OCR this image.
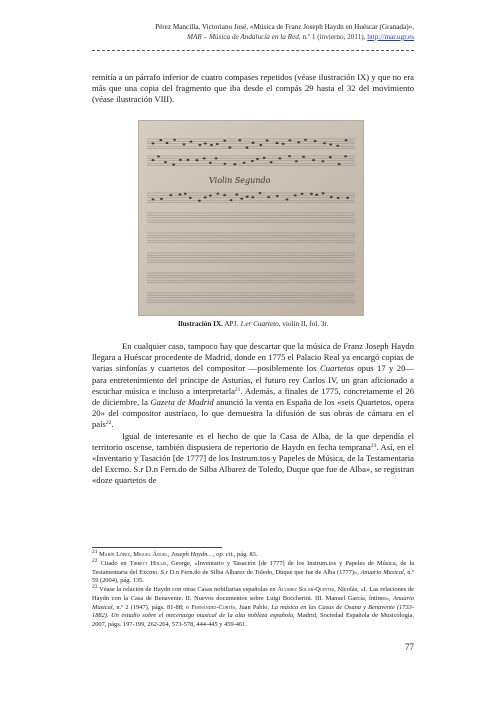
Pérez Mancilla, Victoriano José, «Música de Franz Joseph Haydn en Huéscar (Granada)»,
MAR – Música de Andalucía en la Red, n.º 1 (invierno, 2011), http://mar.ugr.es

remitía a un párrafo inferior de cuatro compases repetidos (véase ilustración IX) y que no era más que una copia del fragmento que iba desde el compás 29 hasta el 32 del movimiento (véase ilustración VIII).

Violin Segundo
Ilustración IX. APJ. 1.er Cuarteto, violín II, fol. 3r.

En cualquier caso, tampoco hay que descartar que la música de Franz Joseph Haydn llegara a Huéscar procedente de Madrid, donde en 1775 el Palacio Real ya encargó copias de varias sinfonías y cuartetos del compositor —posiblemente los Cuartetos opus 17 y 20— para entretenimiento del príncipe de Asturias, el futuro rey Carlos IV, un gran aficionado a escuchar música e incluso a interpretarla$^{21}$. Además, a finales de 1775, concretamente el 26 de diciembre, la Gazeta de Madrid anunció la venta en España de los «seis Quartetos, opera 20» del compositor austríaco, lo que demuestra la difusión de sus obras de cámara en el país$^{22}$.

Igual de interesante es el hecho de que la Casa de Alba, de la que dependía el territorio oscense, también dispusiera de repertorio de Haydn en fecha temprana$^{23}$. Así, en el «Inventario y Tasación [de 1777] de los Instrum.tos y Papeles de Música, de la Testamentaria del Excmo. S.r D.n Fern.do de Silba Albarez de Toledo, Duque que fue de Alba», se registran «doze quartetos de

$^{21}$ Marín López, Miguel Ángel, Joseph Haydn…, op. cit., pág. 83.

$^{22}$ Citado en Tibbett Hollis, George, «Inventario y Tasación [de 1777] de los Instrum.tos y Papeles de Música, de la Testamentaria del Excmo. S.r D.n Fern.do de Silba Albarez de Toledo, Duque que fue de Alba (1777)», Anuario Musical, n.º 59 (2004), pág. 135.

$^{23}$ Véase la relación de Haydn con otras Casas nobiliarias españolas en Álvarez Solar-Quintes, Nicolás, «I. Las relaciones de Haydn con la Casa de Benavente. II. Nuevos documentos sobre Luigi Boccherini. III. Manuel García, íntimo», Anuario Musical, n.º 2 (1947), págs. 81-88; o Fernández-Cortés, Juan Pablo, La música en las Casas de Osuna y Benavente (1733-1882). Un estudio sobre el mecenazgo musical de la alta nobleza española, Madrid, Sociedad Española de Musicología, 2007, págs. 197-199, 262-264, 573-578, 444-445 y 459-461.

77
